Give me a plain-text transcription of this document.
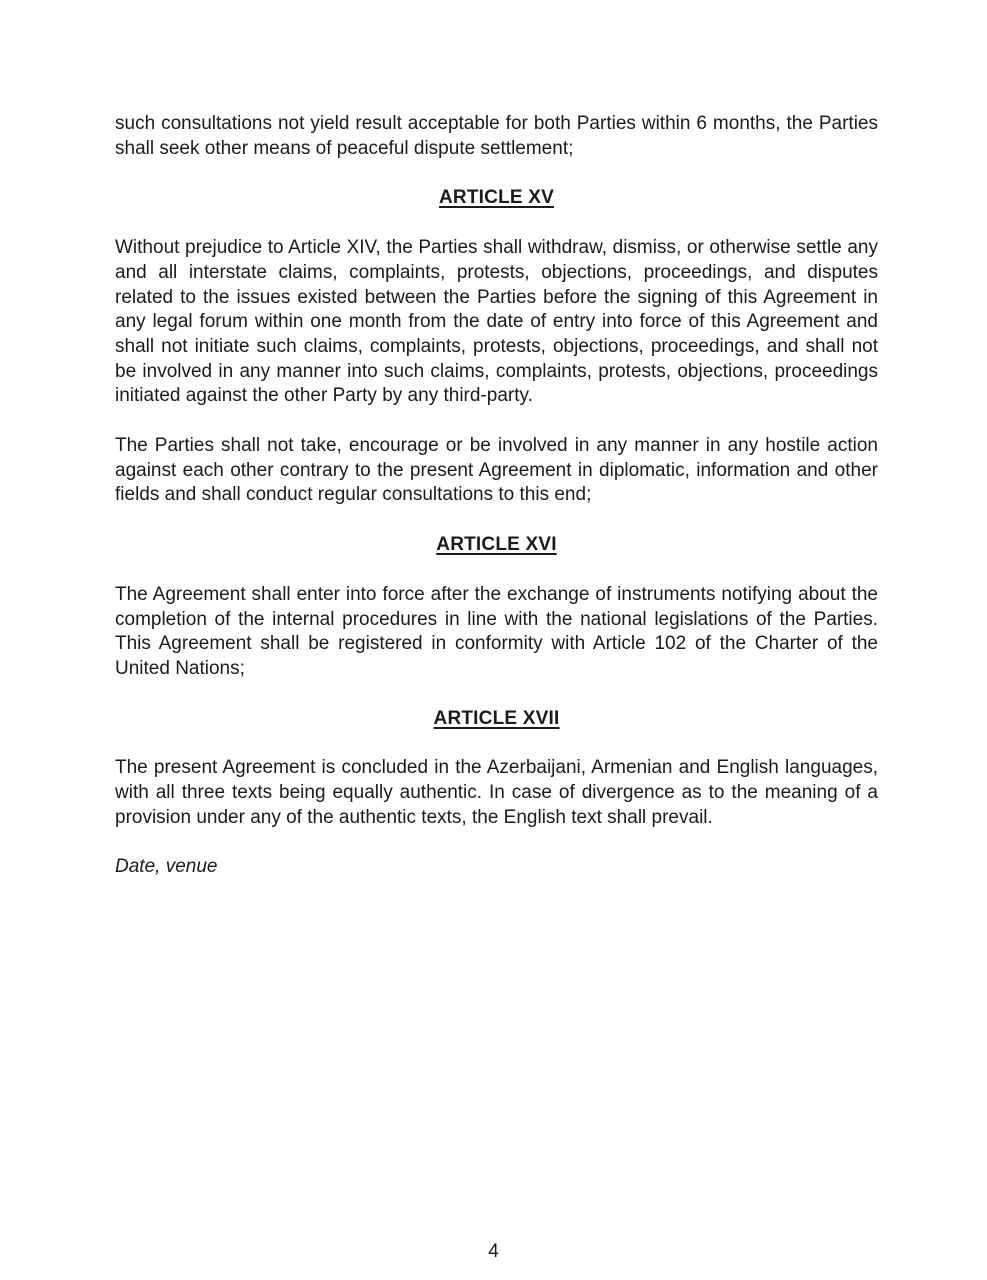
such consultations not yield result acceptable for both Parties within 6 months, the Parties shall seek other means of peaceful dispute settlement;

ARTICLE XV

Without prejudice to Article XIV, the Parties shall withdraw, dismiss, or otherwise settle any and all interstate claims, complaints, protests, objections, proceedings, and disputes related to the issues existed between the Parties before the signing of this Agreement in any legal forum within one month from the date of entry into force of this Agreement and shall not initiate such claims, complaints, protests, objections, proceedings, and shall not be involved in any manner into such claims, complaints, protests, objections, proceedings initiated against the other Party by any third-party.

The Parties shall not take, encourage or be involved in any manner in any hostile action against each other contrary to the present Agreement in diplomatic, information and other fields and shall conduct regular consultations to this end;

ARTICLE XVI

The Agreement shall enter into force after the exchange of instruments notifying about the completion of the internal procedures in line with the national legislations of the Parties. This Agreement shall be registered in conformity with Article 102 of the Charter of the United Nations;

ARTICLE XVII

The present Agreement is concluded in the Azerbaijani, Armenian and English languages, with all three texts being equally authentic. In case of divergence as to the meaning of a provision under any of the authentic texts, the English text shall prevail.

Date, venue

4
